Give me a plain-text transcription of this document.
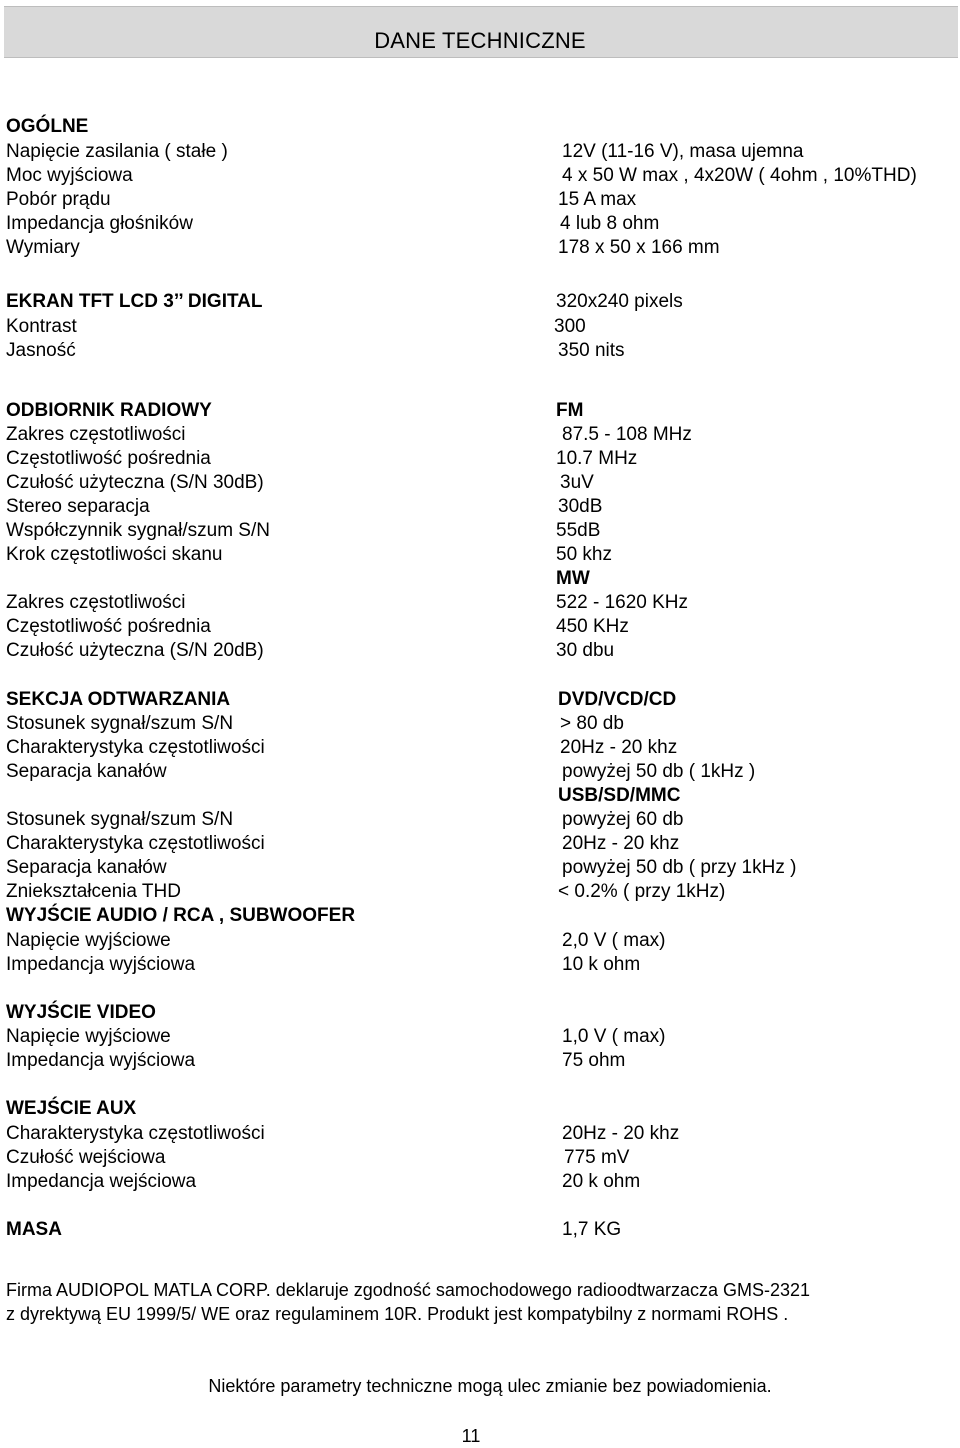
DANE TECHNICZNE
OGÓLNE
Napięcie zasilania ( stałe )	12V (11-16 V), masa ujemna
Moc wyjściowa	4 x 50 W max , 4x20W ( 4ohm , 10%THD)
Pobór prądu	15 A max
Impedancja głośników	4 lub 8 ohm
Wymiary	178 x 50 x 166 mm
EKRAN TFT LCD 3’’ DIGITAL	320x240 pixels
Kontrast	300
Jasność	350 nits
ODBIORNIK RADIOWY	FM
Zakres częstotliwości	87.5 - 108 MHz
Częstotliwość pośrednia	10.7 MHz
Czułość użyteczna (S/N 30dB)	3uV
Stereo separacja	30dB
Współczynnik sygnał/szum S/N	55dB
Krok częstotliwości skanu	50 khz
MW
Zakres częstotliwości	522 - 1620 KHz
Częstotliwość pośrednia	450 KHz
Czułość użyteczna (S/N 20dB)	30 dbu
SEKCJA ODTWARZANIA	DVD/VCD/CD
Stosunek sygnał/szum S/N	> 80 db
Charakterystyka częstotliwości	20Hz - 20 khz
Separacja kanałów	powyżej 50 db ( 1kHz )
USB/SD/MMC
Stosunek sygnał/szum S/N	powyżej 60 db
Charakterystyka częstotliwości	20Hz - 20 khz
Separacja kanałów	powyżej 50 db ( przy 1kHz )
Zniekształcenia THD	< 0.2% ( przy 1kHz)
WYJŚCIE AUDIO / RCA , SUBWOOFER
Napięcie wyjściowe	2,0 V ( max)
Impedancja wyjściowa	10 k ohm
WYJŚCIE VIDEO
Napięcie wyjściowe	1,0 V ( max)
Impedancja wyjściowa	75 ohm
WEJŚCIE AUX
Charakterystyka częstotliwości	20Hz - 20 khz
Czułość wejściowa	775 mV
Impedancja wejściowa	20 k ohm
MASA	1,7 KG
Firma AUDIOPOL MATLA CORP. deklaruje zgodność samochodowego radioodtwarzacza GMS-2321
z dyrektywą EU 1999/5/ WE oraz regulaminem 10R. Produkt jest kompatybilny z normami ROHS .
Niektóre parametry techniczne mogą ulec zmianie bez powiadomienia.
11
